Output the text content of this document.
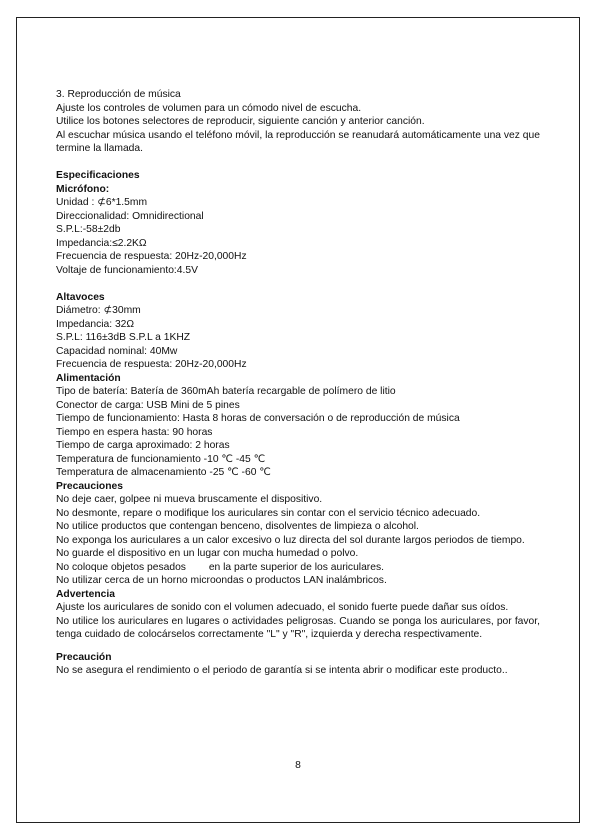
3. Reproducción de música

Ajuste los controles de volumen para un cómodo nivel de escucha.

Utilice los botones selectores de reproducir, siguiente canción y anterior canción.

Al escuchar música usando el teléfono móvil, la reproducción se reanudará automáticamente una vez que termine la llamada.

Especificaciones

Micrófono:

Unidad : ⊄6*1.5mm

Direccionalidad: Omnidirectional

S.P.L:-58±2db

Impedancia:≤2.2KΩ

Frecuencia de respuesta: 20Hz-20,000Hz

Voltaje de funcionamiento:4.5V

Altavoces

Diámetro: ⊄30mm

Impedancia: 32Ω

S.P.L: 116±3dB S.P.L a 1KHZ

Capacidad nominal: 40Mw

Frecuencia de respuesta: 20Hz-20,000Hz

Alimentación

Tipo de batería: Batería de 360mAh batería recargable de polímero de litio

Conector de carga: USB Mini de 5 pines

Tiempo de funcionamiento: Hasta 8 horas de conversación o de reproducción de música

Tiempo en espera hasta: 90 horas

Tiempo de carga aproximado: 2 horas

Temperatura de funcionamiento -10 ℃ -45 ℃

Temperatura de almacenamiento -25 ℃ -60 ℃

Precauciones

No deje caer, golpee ni mueva bruscamente el dispositivo.

No desmonte, repare o modifique los auriculares sin contar con el servicio técnico adecuado.

No utilice productos que contengan benceno, disolventes de limpieza o alcohol.

No exponga los auriculares a un calor excesivo o luz directa del sol durante largos periodos de tiempo.

No guarde el dispositivo en un lugar con mucha humedad o polvo.

No coloque objetos pesados        en la parte superior de los auriculares.

No utilizar cerca de un horno microondas o productos LAN inalámbricos.

Advertencia

Ajuste los auriculares de sonido con el volumen adecuado, el sonido fuerte puede dañar sus oídos.

No utilice los auriculares en lugares o actividades peligrosas. Cuando se ponga los auriculares, por favor, tenga cuidado de colocárselos correctamente "L" y "R", izquierda y derecha respectivamente.

Precaución

No se asegura el rendimiento o el periodo de garantía si se intenta abrir o modificar este producto..

8
